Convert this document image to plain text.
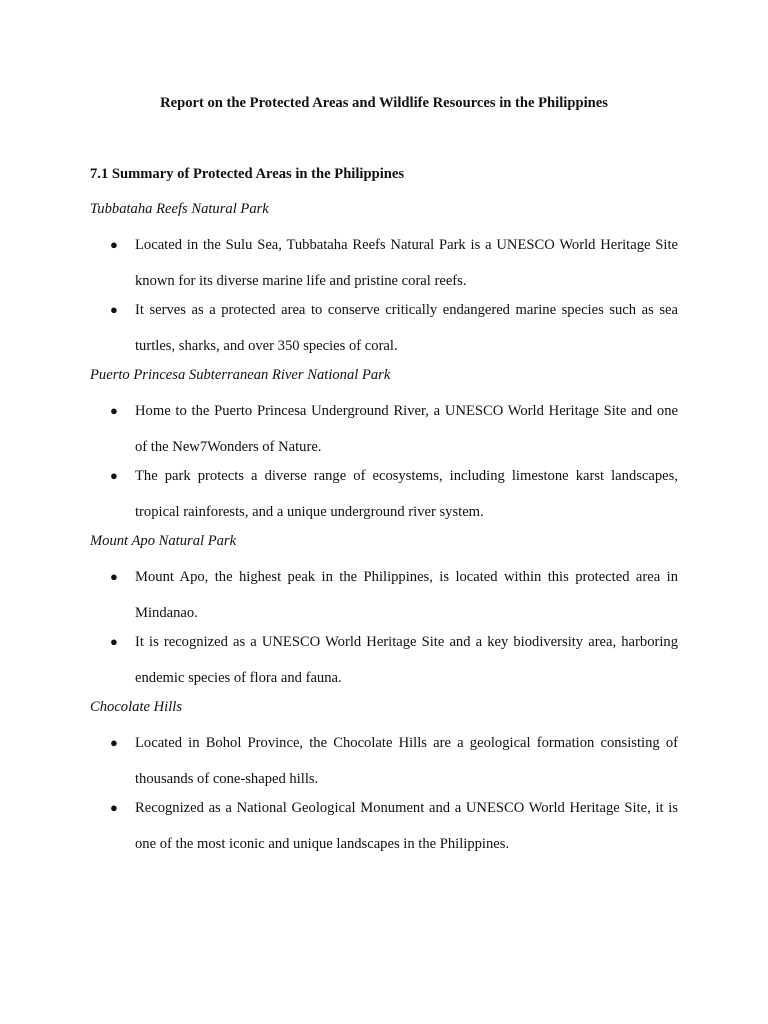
Report on the Protected Areas and Wildlife Resources in the Philippines
7.1 Summary of Protected Areas in the Philippines
Tubbataha Reefs Natural Park
● Located in the Sulu Sea, Tubbataha Reefs Natural Park is a UNESCO World Heritage Site known for its diverse marine life and pristine coral reefs.
● It serves as a protected area to conserve critically endangered marine species such as sea turtles, sharks, and over 350 species of coral.
Puerto Princesa Subterranean River National Park
● Home to the Puerto Princesa Underground River, a UNESCO World Heritage Site and one of the New7Wonders of Nature.
● The park protects a diverse range of ecosystems, including limestone karst landscapes, tropical rainforests, and a unique underground river system.
Mount Apo Natural Park
● Mount Apo, the highest peak in the Philippines, is located within this protected area in Mindanao.
● It is recognized as a UNESCO World Heritage Site and a key biodiversity area, harboring endemic species of flora and fauna.
Chocolate Hills
● Located in Bohol Province, the Chocolate Hills are a geological formation consisting of thousands of cone-shaped hills.
● Recognized as a National Geological Monument and a UNESCO World Heritage Site, it is one of the most iconic and unique landscapes in the Philippines.
